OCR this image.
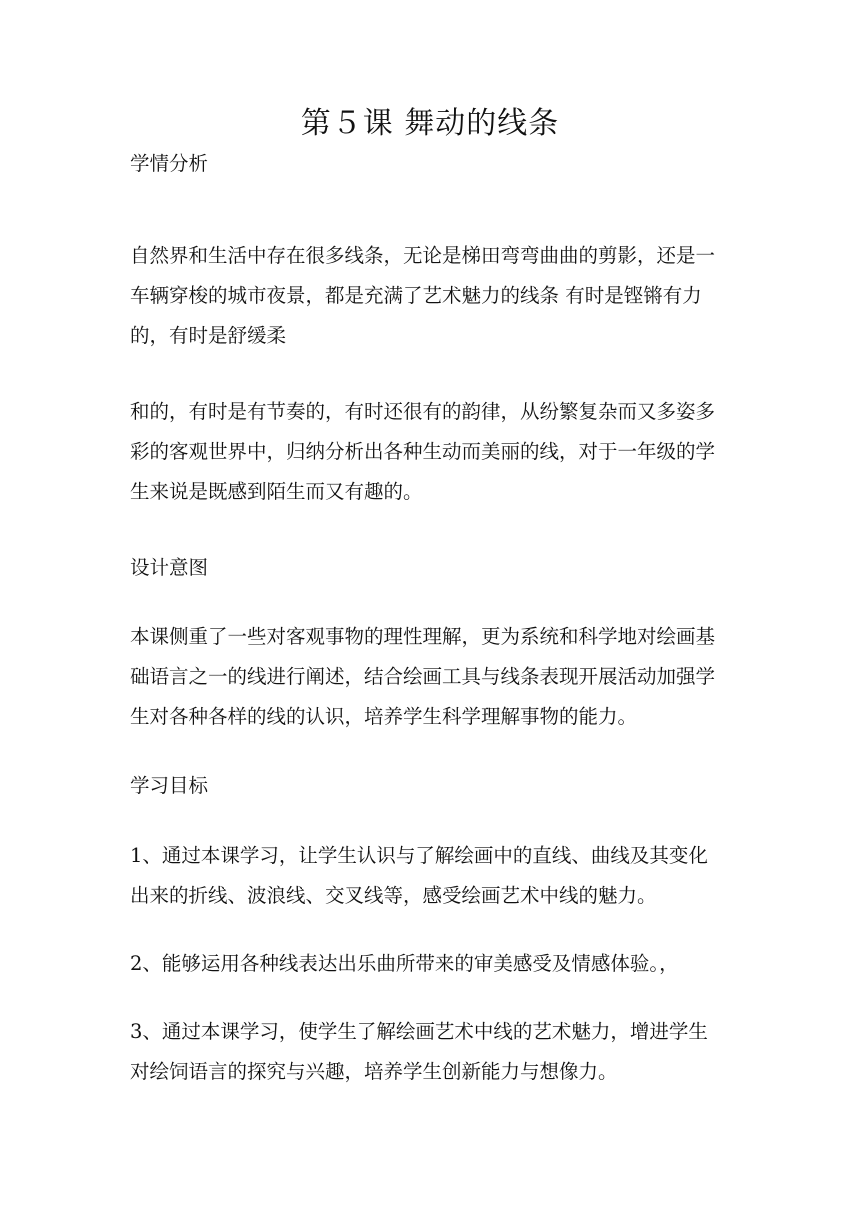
第５课 舞动的线条
学情分析

自然界和生活中存在很多线条，无论是梯田弯弯曲曲的剪影，还是一

车辆穿梭的城市夜景，都是充满了艺术魅力的线条 有时是铿锵有力

的，有时是舒缓柔

和的，有时是有节奏的，有时还很有的韵律，从纷繁复杂而又多姿多

彩的客观世界中，归纳分析出各种生动而美丽的线，对于一年级的学

生来说是既感到陌生而又有趣的。

设计意图

本课侧重了一些对客观事物的理性理解，更为系统和科学地对绘画基

础语言之一的线进行阐述，结合绘画工具与线条表现开展活动加强学

生对各种各样的线的认识，培养学生科学理解事物的能力。

学习目标

1、通过本课学习，让学生认识与了解绘画中的直线、曲线及其变化

出来的折线、波浪线、交叉线等，感受绘画艺术中线的魅力。

2、能够运用各种线表达出乐曲所带来的审美感受及情感体验。，

3、通过本课学习，使学生了解绘画艺术中线的艺术魅力，增进学生

对绘饲语言的探究与兴趣，培养学生创新能力与想像力。
